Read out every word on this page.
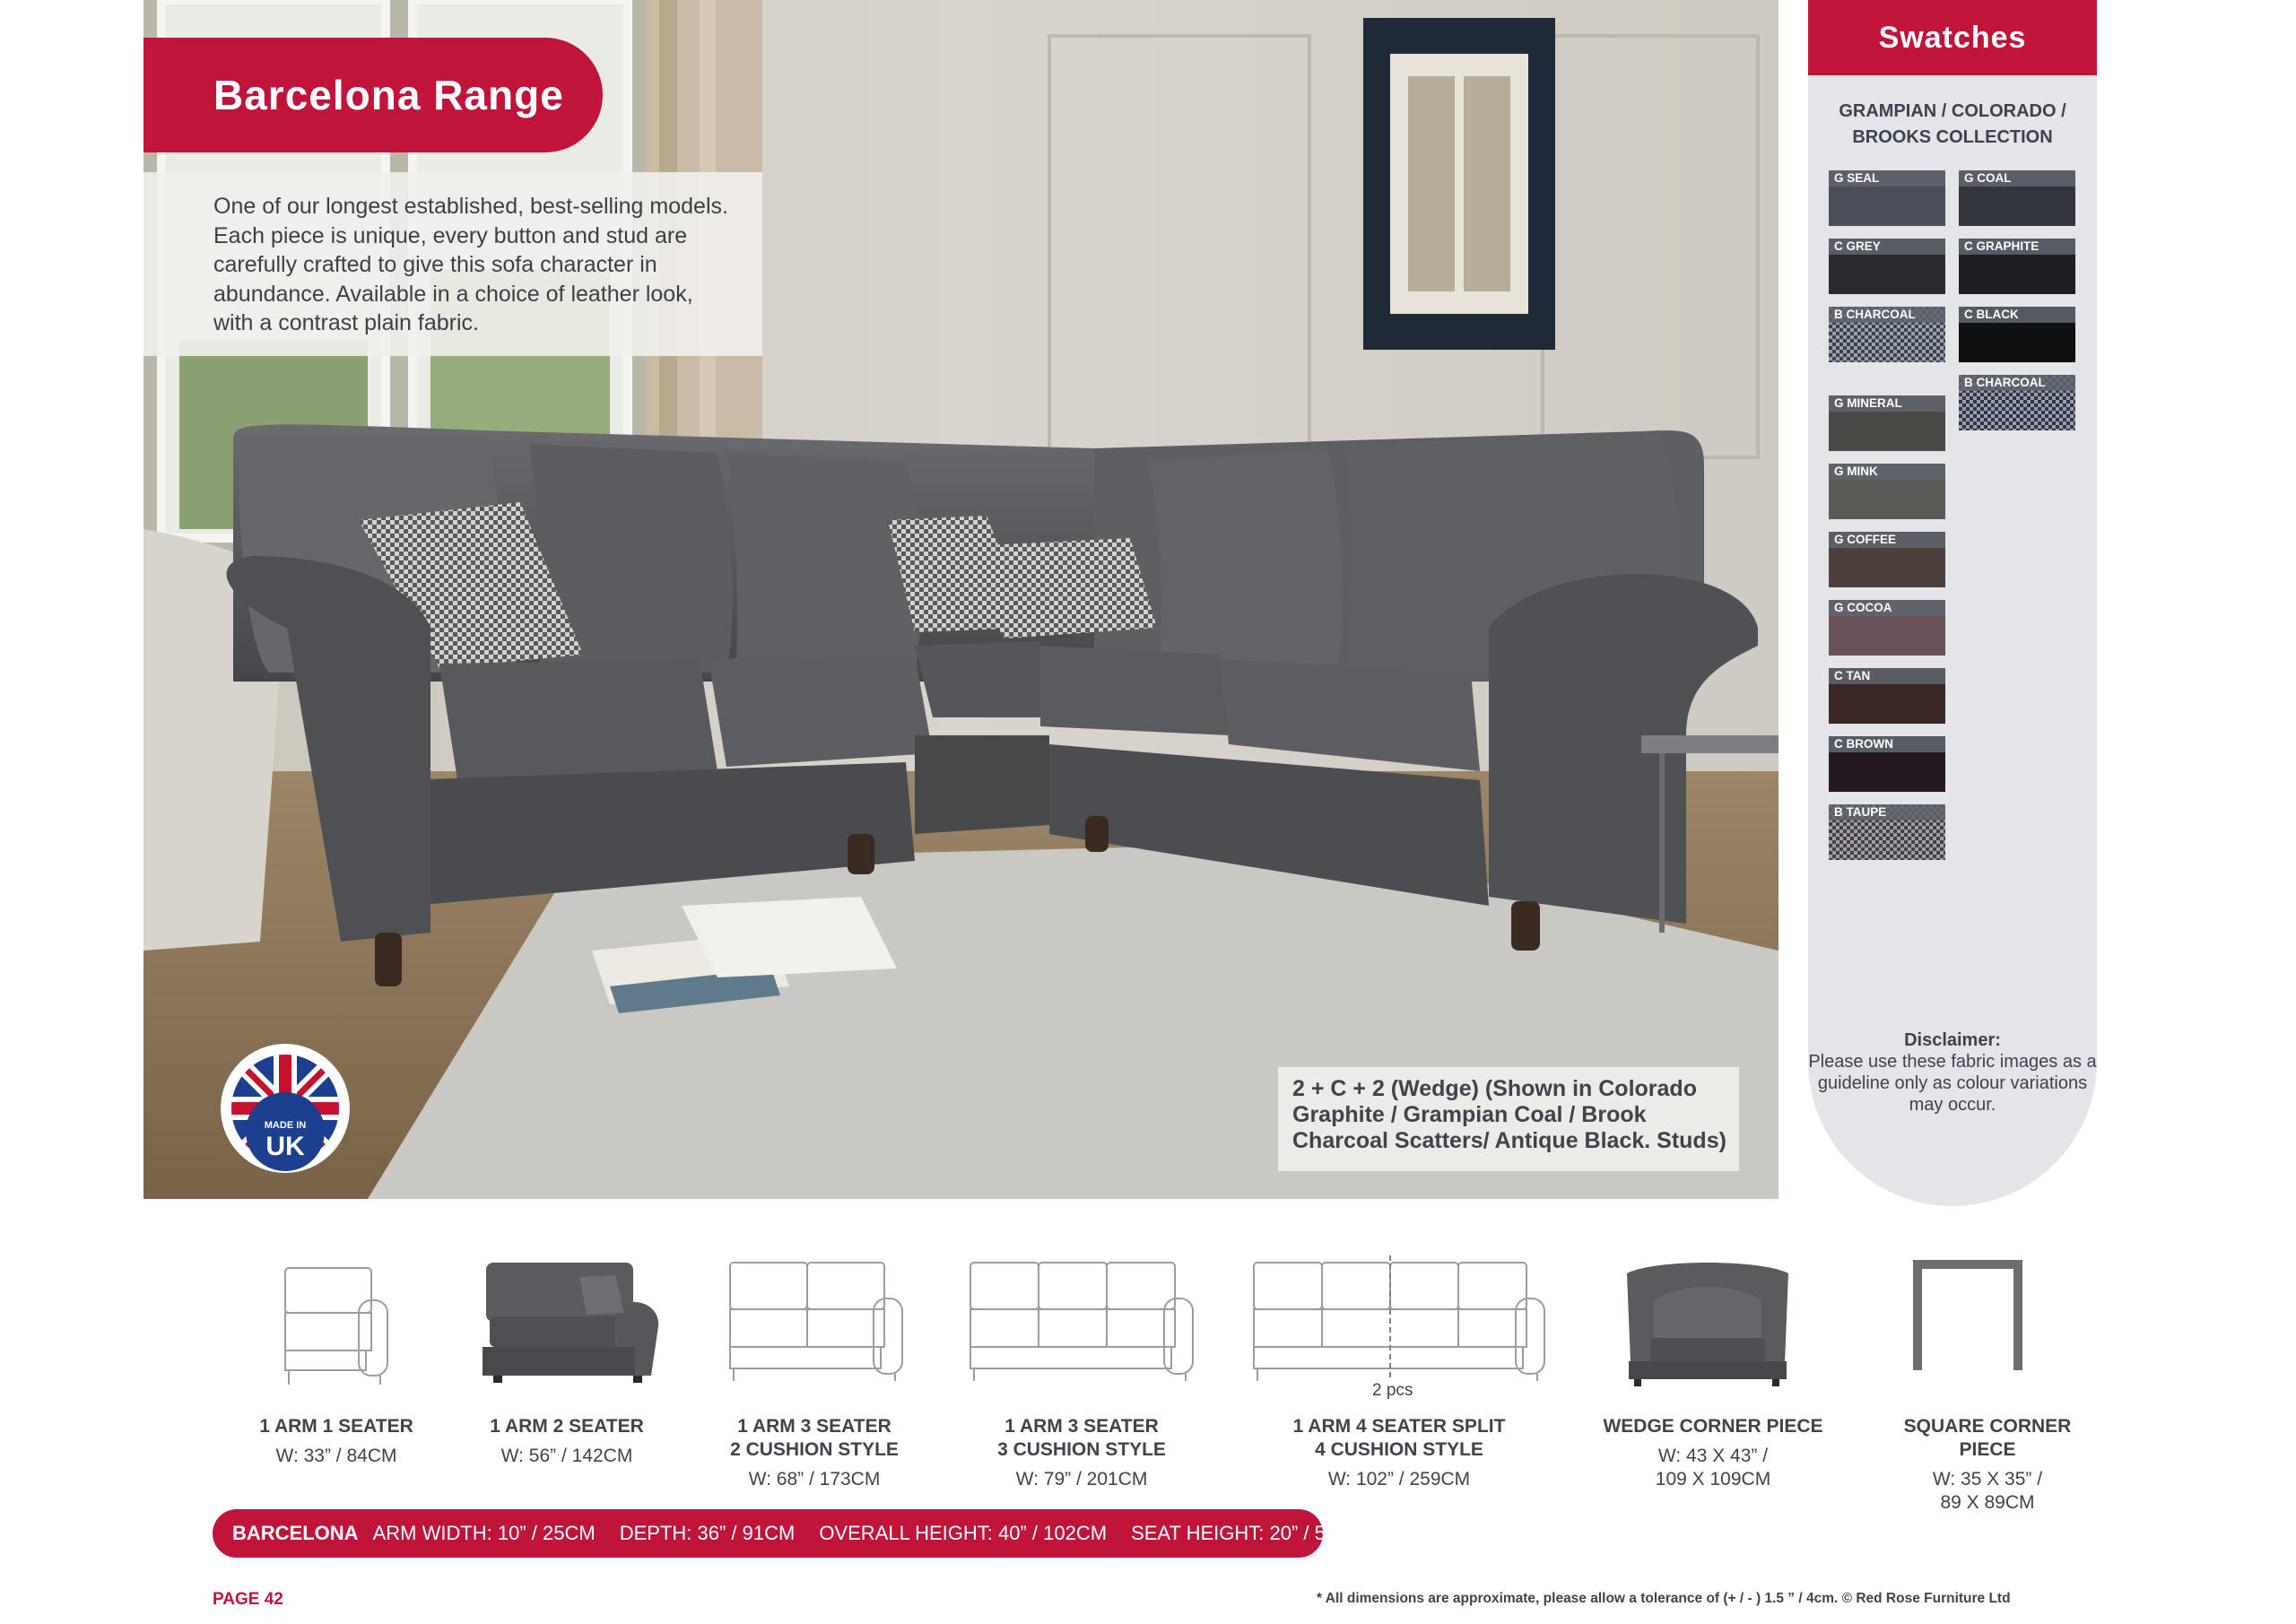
Barcelona Range
One of our longest established, best-selling models. Each piece is unique, every button and stud are carefully crafted to give this sofa character in abundance. Available in a choice of leather look, with a contrast plain fabric.
2 + C + 2 (Wedge) (Shown in Colorado Graphite / Grampian Coal / Brook Charcoal Scatters/ Antique Black. Studs)
MADE IN
UK
Swatches
GRAMPIAN / COLORADO / BROOKS COLLECTION
G SEAL
C GREY
B CHARCOAL
G MINERAL
G MINK
G COFFEE
G COCOA
C TAN
C BROWN
B TAUPE
G COAL
C GRAPHITE
C BLACK
B CHARCOAL
Disclaimer:
Please use these fabric images as a guideline only as colour variations may occur.
2 pcs
1 ARM 1 SEATER
W: 33” / 84CM
1 ARM 2 SEATER
W: 56” / 142CM
1 ARM 3 SEATER
2 CUSHION STYLE
W: 68” / 173CM
1 ARM 3 SEATER
3 CUSHION STYLE
W: 79” / 201CM
1 ARM 4 SEATER SPLIT
4 CUSHION STYLE
W: 102” / 259CM
WEDGE CORNER PIECE
W: 43 X 43” /
109 X 109CM
SQUARE CORNER
PIECE
W: 35 X 35” /
89 X 89CM
BARCELONA ARM WIDTH: 10” / 25CM DEPTH: 36” / 91CM OVERALL HEIGHT: 40” / 102CM SEAT HEIGHT: 20” / 51CM
PAGE 42	* All dimensions are approximate, please allow a tolerance of (+ / - ) 1.5 ” / 4cm. © Red Rose Furniture Ltd
